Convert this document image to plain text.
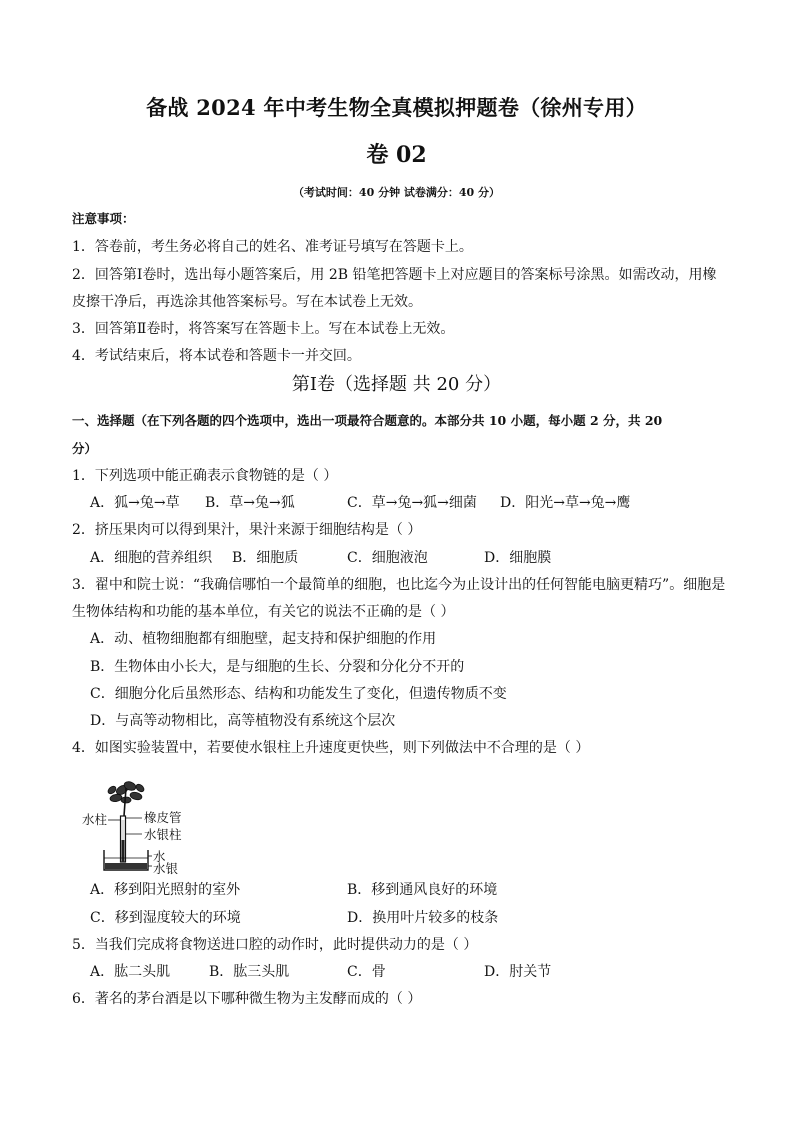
备战 2024 年中考生物全真模拟押题卷（徐州专用）
卷 02
（考试时间：40 分钟 试卷满分：40 分）
注意事项：
1．答卷前，考生务必将自己的姓名、准考证号填写在答题卡上。
2．回答第Ⅰ卷时，选出每小题答案后，用 2B 铅笔把答题卡上对应题目的答案标号涂黑。如需改动，用橡
皮擦干净后，再选涂其他答案标号。写在本试卷上无效。
3．回答第Ⅱ卷时，将答案写在答题卡上。写在本试卷上无效。
4．考试结束后，将本试卷和答题卡一并交回。
第Ⅰ卷（选择题 共 20 分）
一、选择题（在下列各题的四个选项中，选出一项最符合题意的。本部分共 10 小题，每小题 2 分，共 20
分）
1．下列选项中能正确表示食物链的是（ ）
A．狐→兔→草 B．草→兔→狐	C．草→兔→狐→细菌 D．阳光→草→兔→鹰
2．挤压果肉可以得到果汁，果汁来源于细胞结构是（ ）
A．细胞的营养组织 B．细胞质	C．细胞液泡	D．细胞膜
3．翟中和院士说：“我确信哪怕一个最简单的细胞，也比迄今为止设计出的任何智能电脑更精巧”。细胞是
生物体结构和功能的基本单位，有关它的说法不正确的是（ ）
A．动、植物细胞都有细胞壁，起支持和保护细胞的作用
B．生物体由小长大，是与细胞的生长、分裂和分化分不开的
C．细胞分化后虽然形态、结构和功能发生了变化，但遗传物质不变
D．与高等动物相比，高等植物没有系统这个层次
4．如图实验装置中，若要使水银柱上升速度更快些，则下列做法中不合理的是（ ）
水柱	橡皮管
水银柱
水
水银
A．移到阳光照射的室外	B．移到通风良好的环境
C．移到湿度较大的环境	D．换用叶片较多的枝条
5．当我们完成将食物送进口腔的动作时，此时提供动力的是（ ）
A．肱二头肌	B．肱三头肌	C．骨	D．肘关节
6．著名的茅台酒是以下哪种微生物为主发酵而成的（ ）
